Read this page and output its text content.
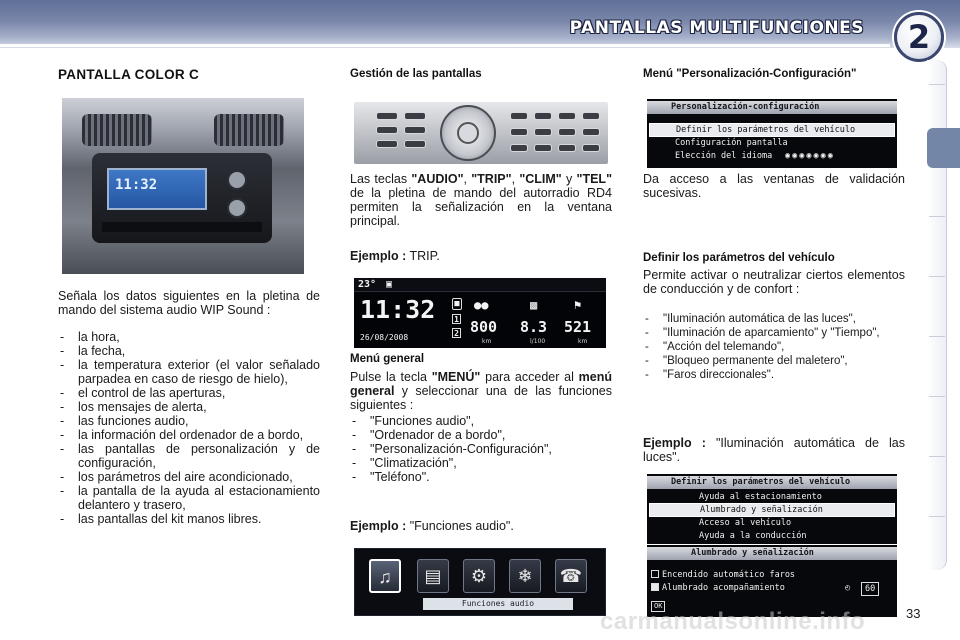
PANTALLAS MULTIFUNCIONES	2
PANTALLA COLOR C
11:32
Señala los datos siguientes en la pletina de mando del sistema audio WIP Sound :
- la hora,
- la fecha,
- la temperatura exterior (el valor señalado parpadea en caso de riesgo de hielo),
- el control de las aperturas,
- los mensajes de alerta,
- las funciones audio,
- la información del ordenador de a bordo,
- las pantallas de personalización y de configuración,
- los parámetros del aire acondicionado,
- la pantalla de la ayuda al estacionamiento delantero y trasero,
- las pantallas del kit manos libres.
Gestión de las pantallas
Las teclas "AUDIO", "TRIP", "CLIM" y "TEL" de la pletina de mando del autorradio RD4 permiten la señalización en la ventana principal.
Ejemplo : TRIP.
23° ▣
11:32
26/08/2008
▪
1
2
●●	▩	⚑
800 8.3 521
km	l/100	km
Menú general
Pulse la tecla "MENÚ" para acceder al menú general y seleccionar una de las funciones siguientes :
- "Funciones audio",
- "Ordenador de a bordo",
- "Personalización-Configuración",
- "Climatización",
- "Teléfono".
Ejemplo : "Funciones audio".
♫	▤	⚙	❄	☎
Funciones audio
Menú "Personalización-Configuración"
Personalización-configuración
Definir los parámetros del vehículo
Configuración pantalla
Elección del idioma ◉◉◉◉◉◉◉
Da acceso a las ventanas de validación sucesivas.
Definir los parámetros del vehículo
Permite activar o neutralizar ciertos elementos de conducción y de confort :
- "Iluminación automática de las luces",
- "Iluminación de aparcamiento" y "Tiempo",
- "Acción del telemando",
- "Bloqueo permanente del maletero",
- "Faros direccionales".
Ejemplo : "Iluminación automática de las luces".
Definir los parámetros del vehículo
Ayuda al estacionamiento
Alumbrado y señalización
Acceso al vehículo
Ayuda a la conducción
Alumbrado y señalización
Encendido automático faros
Alumbrado acompañamiento	◴	60
OK
carmanualsonline.info	33
